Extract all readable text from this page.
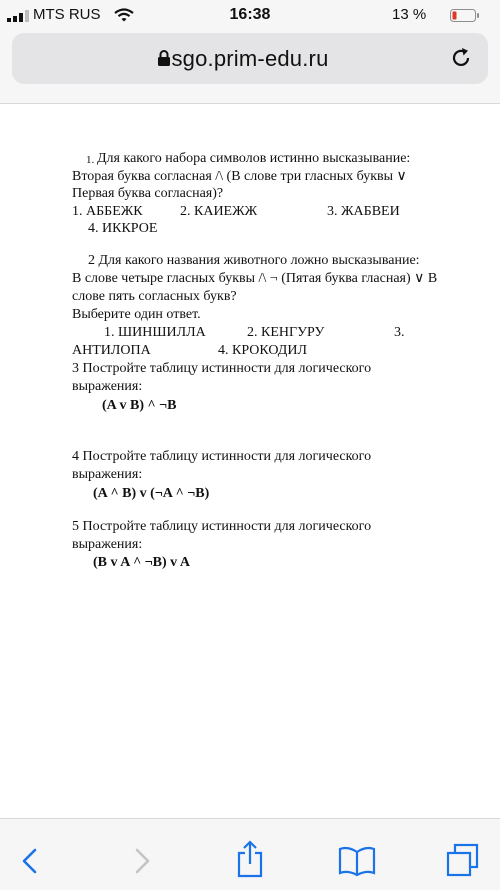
MTS RUS	16:38	13 %
sgo.prim-edu.ru
1. Для какого набора символов истинно высказывание:
Вторая буква согласная /\ (В слове три гласных буквы ∨
Первая буква согласная)?
1. АББЕЖК	2. КАИЕЖЖ	3. ЖАБВЕИ
4. ИККРОЕ
2 Для какого названия животного ложно высказывание:
В слове четыре гласных буквы /\ ¬ (Пятая буква гласная) ∨ В
слове пять согласных букв?
Выберите один ответ.
1. ШИНШИЛЛА	2. КЕНГУРУ	3.
АНТИЛОПА	4. КРОКОДИЛ
3 Постройте таблицу истинности для логического
выражения:
(A v B) ^ ¬B
4 Постройте таблицу истинности для логического
выражения:
(A ^ B) v (¬A ^ ¬B)
5 Постройте таблицу истинности для логического
выражения:
(B v A ^ ¬B) v A
